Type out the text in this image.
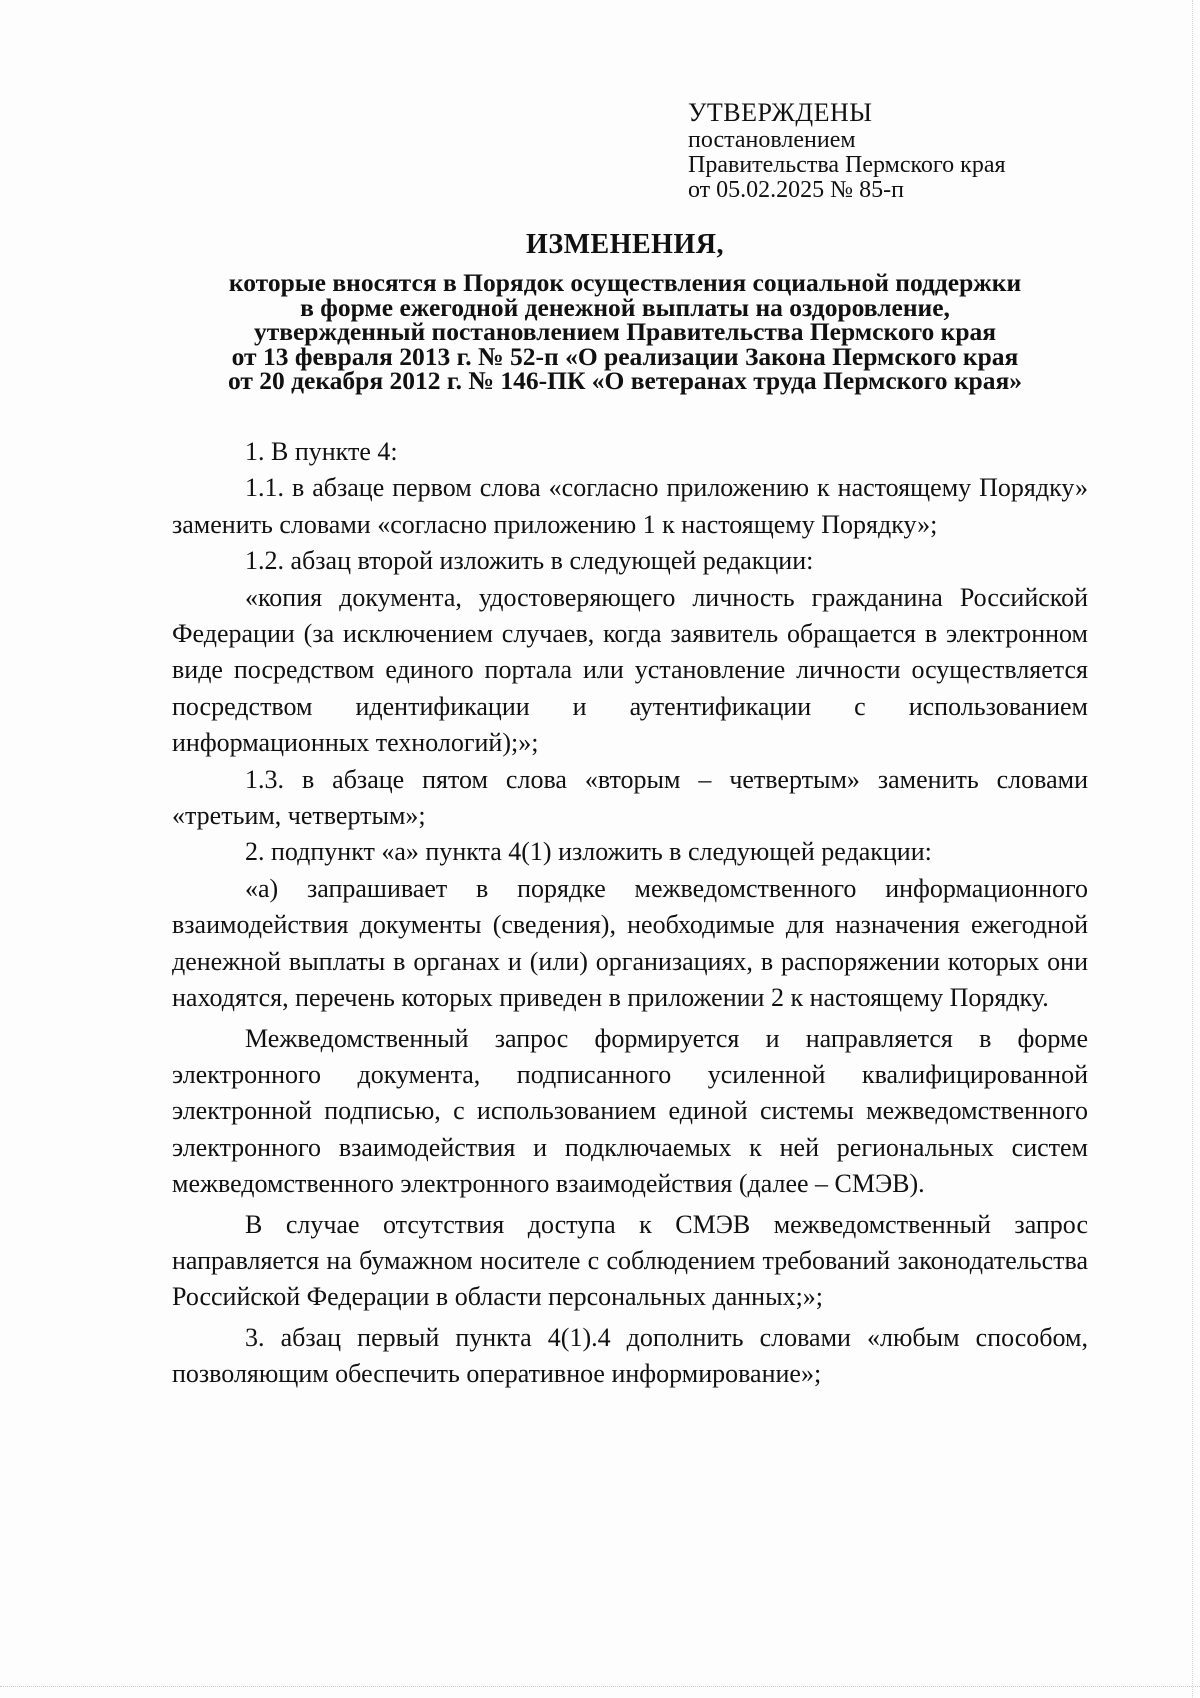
УТВЕРЖДЕНЫ
постановлением
Правительства Пермского края
от 05.02.2025 № 85-п
ИЗМЕНЕНИЯ,
которые вносятся в Порядок осуществления социальной поддержки
в форме ежегодной денежной выплаты на оздоровление,
утвержденный постановлением Правительства Пермского края
от 13 февраля 2013 г. № 52-п «О реализации Закона Пермского края
от 20 декабря 2012 г. № 146-ПК «О ветеранах труда Пермского края»

1. В пункте 4:

1.1. в абзаце первом слова «согласно приложению к настоящему Порядку» заменить словами «согласно приложению 1 к настоящему Порядку»;

1.2. абзац второй изложить в следующей редакции:

«копия документа, удостоверяющего личность гражданина Российской Федерации (за исключением случаев, когда заявитель обращается в электронном виде посредством единого портала или установление личности осуществляется посредством идентификации и аутентификации с использованием информационных технологий);»;

1.3. в абзаце пятом слова «вторым – четвертым» заменить словами «третьим, четвертым»;

2. подпункт «а» пункта 4(1) изложить в следующей редакции:

«а) запрашивает в порядке межведомственного информационного взаимодействия документы (сведения), необходимые для назначения ежегодной денежной выплаты в органах и (или) организациях, в распоряжении которых они находятся, перечень которых приведен в приложении 2 к настоящему Порядку.

Межведомственный запрос формируется и направляется в форме электронного документа, подписанного усиленной квалифицированной электронной подписью, с использованием единой системы межведомственного электронного взаимодействия и подключаемых к ней региональных систем межведомственного электронного взаимодействия (далее – СМЭВ).

В случае отсутствия доступа к СМЭВ межведомственный запрос направляется на бумажном носителе с соблюдением требований законодательства Российской Федерации в области персональных данных;»;

3. абзац первый пункта 4(1).4 дополнить словами «любым способом, позволяющим обеспечить оперативное информирование»;
